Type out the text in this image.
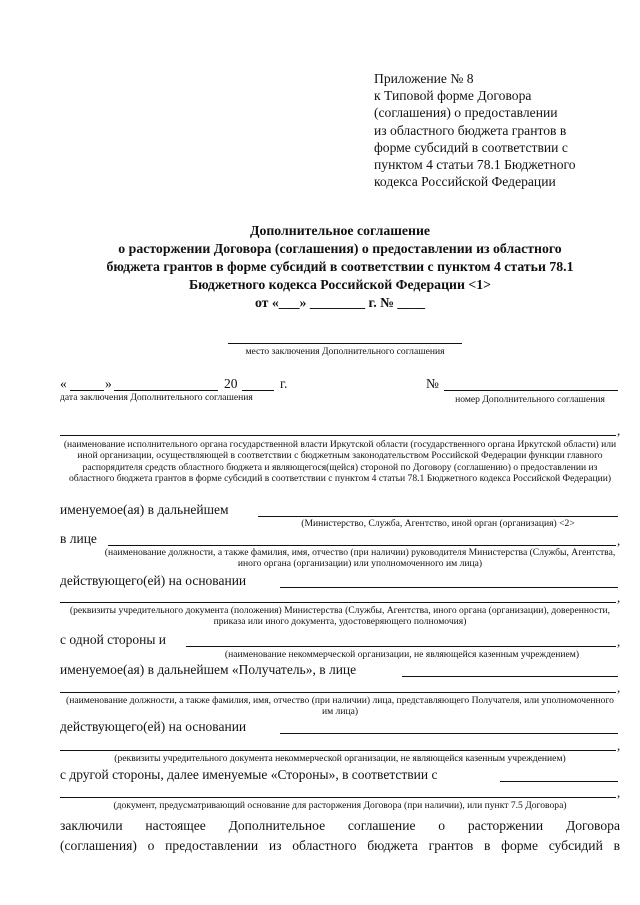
Приложение № 8
к Типовой форме Договора
(соглашения) о предоставлении
из областного бюджета грантов в
форме субсидий в соответствии с
пунктом 4 статьи 78.1 Бюджетного
кодекса Российской Федерации
Дополнительное соглашение
о расторжении Договора (соглашения) о предоставлении из областного
бюджета грантов в форме субсидий в соответствии с пунктом 4 статьи 78.1
Бюджетного кодекса Российской Федерации <1>
от «___» ________ г. № ____
место заключения Дополнительного соглашения
«	»	20	г.
дата заключения Дополнительного соглашения
№
номер Дополнительного соглашения
,
(наименование исполнительного органа государственной власти Иркутской области (государственного органа Иркутской области) или иной организации, осуществляющей в соответствии с бюджетным законодательством Российской Федерации функции главного распорядителя средств областного бюджета и являющегося(щейся) стороной по Договору (соглашению) о предоставлении из областного бюджета грантов в форме субсидий в соответствии с пунктом 4 статьи 78.1 Бюджетного кодекса Российской Федерации)
именуемое(ая) в дальнейшем
(Министерство, Служба, Агентство, иной орган (организация) <2>
в лице	,
(наименование должности, а также фамилия, имя, отчество (при наличии) руководителя Министерства (Службы, Агентства, иного органа (организации) или уполномоченного им лица)
действующего(ей) на основании
,
(реквизиты учредительного документа (положения) Министерства (Службы, Агентства, иного органа (организации), доверенности, приказа или иного документа, удостоверяющего полномочия)
с одной стороны и	,
(наименование некоммерческой организации, не являющейся казенным учреждением)
именуемое(ая) в дальнейшем «Получатель», в лице
,
(наименование должности, а также фамилия, имя, отчество (при наличии) лица, представляющего Получателя, или уполномоченного им лица)
действующего(ей) на основании
,
(реквизиты учредительного документа некоммерческой организации, не являющейся казенным учреждением)
с другой стороны, далее именуемые «Стороны», в соответствии с
,
(документ, предусматривающий основание для расторжения Договора (при наличии), или пункт 7.5 Договора)
заключили настоящее Дополнительное соглашение о расторжении Договора
(соглашения) о предоставлении из областного бюджета грантов в форме субсидий в
